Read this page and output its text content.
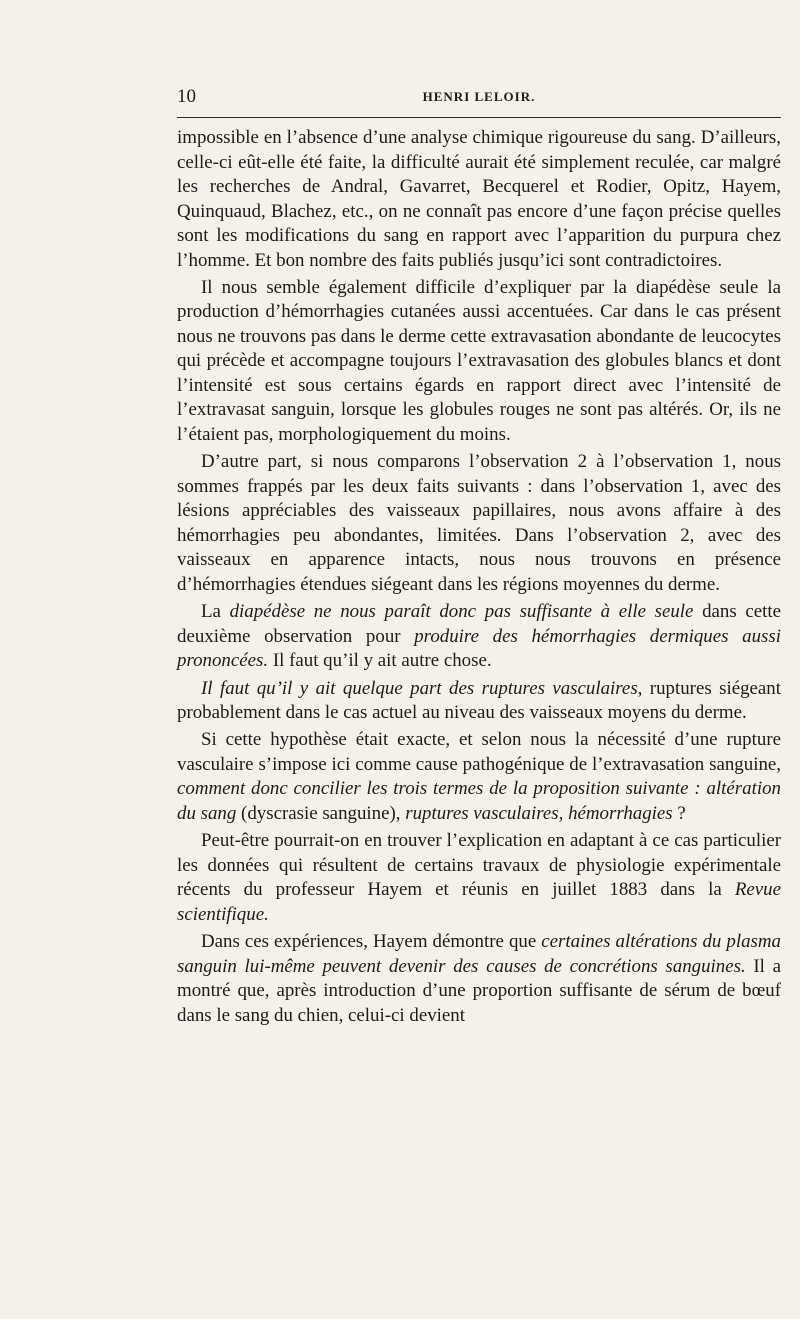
10	HENRI LELOIR.

impossible en l’absence d’une analyse chimique rigoureuse du sang. D’ailleurs, celle-ci eût-elle été faite, la difficulté aurait été simplement reculée, car malgré les recherches de Andral, Gavarret, Becquerel et Rodier, Opitz, Hayem, Quinquaud, Blachez, etc., on ne connaît pas encore d’une façon précise quelles sont les modifications du sang en rapport avec l’apparition du purpura chez l’homme. Et bon nombre des faits publiés jusqu’ici sont contradictoires.

Il nous semble également difficile d’expliquer par la diapédèse seule la production d’hémorrhagies cutanées aussi accentuées. Car dans le cas présent nous ne trouvons pas dans le derme cette extravasation abondante de leucocytes qui précède et accompagne toujours l’extravasation des globules blancs et dont l’intensité est sous certains égards en rapport direct avec l’intensité de l’extravasat sanguin, lorsque les globules rouges ne sont pas altérés. Or, ils ne l’étaient pas, morphologiquement du moins.

D’autre part, si nous comparons l’observation 2 à l’observation 1, nous sommes frappés par les deux faits suivants : dans l’observation 1, avec des lésions appréciables des vaisseaux papillaires, nous avons affaire à des hémorrhagies peu abondantes, limitées. Dans l’observation 2, avec des vaisseaux en apparence intacts, nous nous trouvons en présence d’hémorrhagies étendues siégeant dans les régions moyennes du derme.

La diapédèse ne nous paraît donc pas suffisante à elle seule dans cette deuxième observation pour produire des hémorrhagies dermiques aussi prononcées. Il faut qu’il y ait autre chose.

Il faut qu’il y ait quelque part des ruptures vasculaires, ruptures siégeant probablement dans le cas actuel au niveau des vaisseaux moyens du derme.

Si cette hypothèse était exacte, et selon nous la nécessité d’une rupture vasculaire s’impose ici comme cause pathogénique de l’extravasation sanguine, comment donc concilier les trois termes de la proposition suivante : altération du sang (dyscrasie sanguine), ruptures vasculaires, hémorrhagies ?

Peut-être pourrait-on en trouver l’explication en adaptant à ce cas particulier les données qui résultent de certains travaux de physiologie expérimentale récents du professeur Hayem et réunis en juillet 1883 dans la Revue scientifique.

Dans ces expériences, Hayem démontre que certaines altérations du plasma sanguin lui-même peuvent devenir des causes de concrétions sanguines. Il a montré que, après introduction d’une proportion suffisante de sérum de bœuf dans le sang du chien, celui-ci devient
